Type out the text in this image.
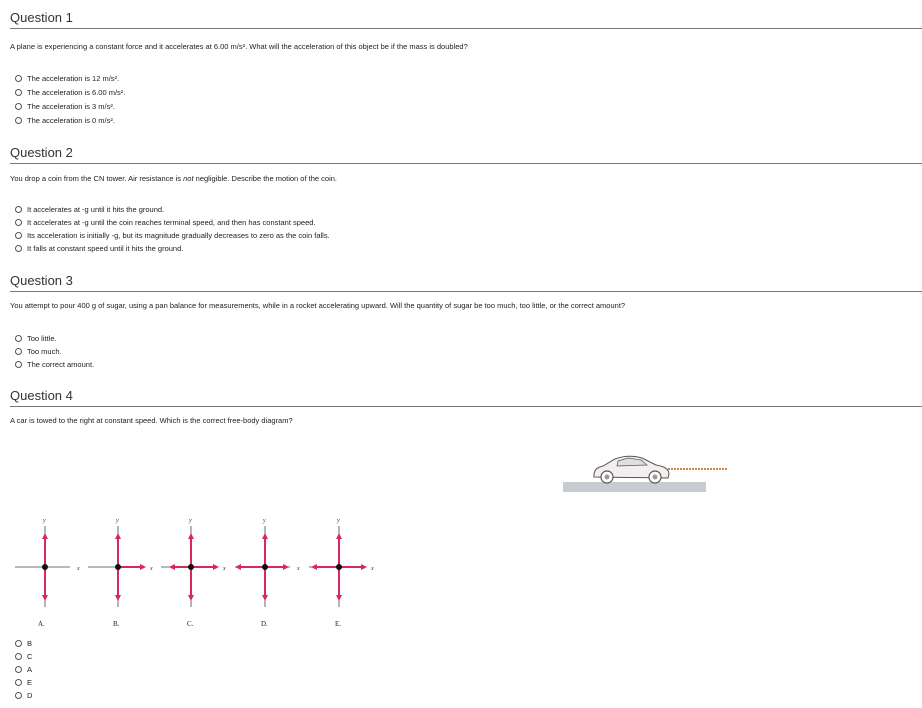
Question 1
A plane is experiencing a constant force and it accelerates at 6.00 m/s². What will the acceleration of this object be if the mass is doubled?
The acceleration is 12 m/s².
The acceleration is 6.00 m/s².
The acceleration is 3 m/s².
The acceleration is 0 m/s².
Question 2
You drop a coin from the CN tower. Air resistance is not negligible. Describe the motion of the coin.
It accelerates at -g until it hits the ground.
It accelerates at -g until the coin reaches terminal speed, and then has constant speed.
Its acceleration is initially -g, but its magnitude gradually decreases to zero as the coin falls.
It falls at constant speed until it hits the ground.
Question 3
You attempt to pour 400 g of sugar, using a pan balance for measurements, while in a rocket accelerating upward. Will the quantity of sugar be too much, too little, or the correct amount?
Too little.
Too much.
The correct amount.
Question 4
A car is towed to the right at constant speed. Which is the correct free-body diagram?
x
y
A.
x
y
B.
x
y
C.
x
y
D.
x
y
E.
B
C
A
E
D
